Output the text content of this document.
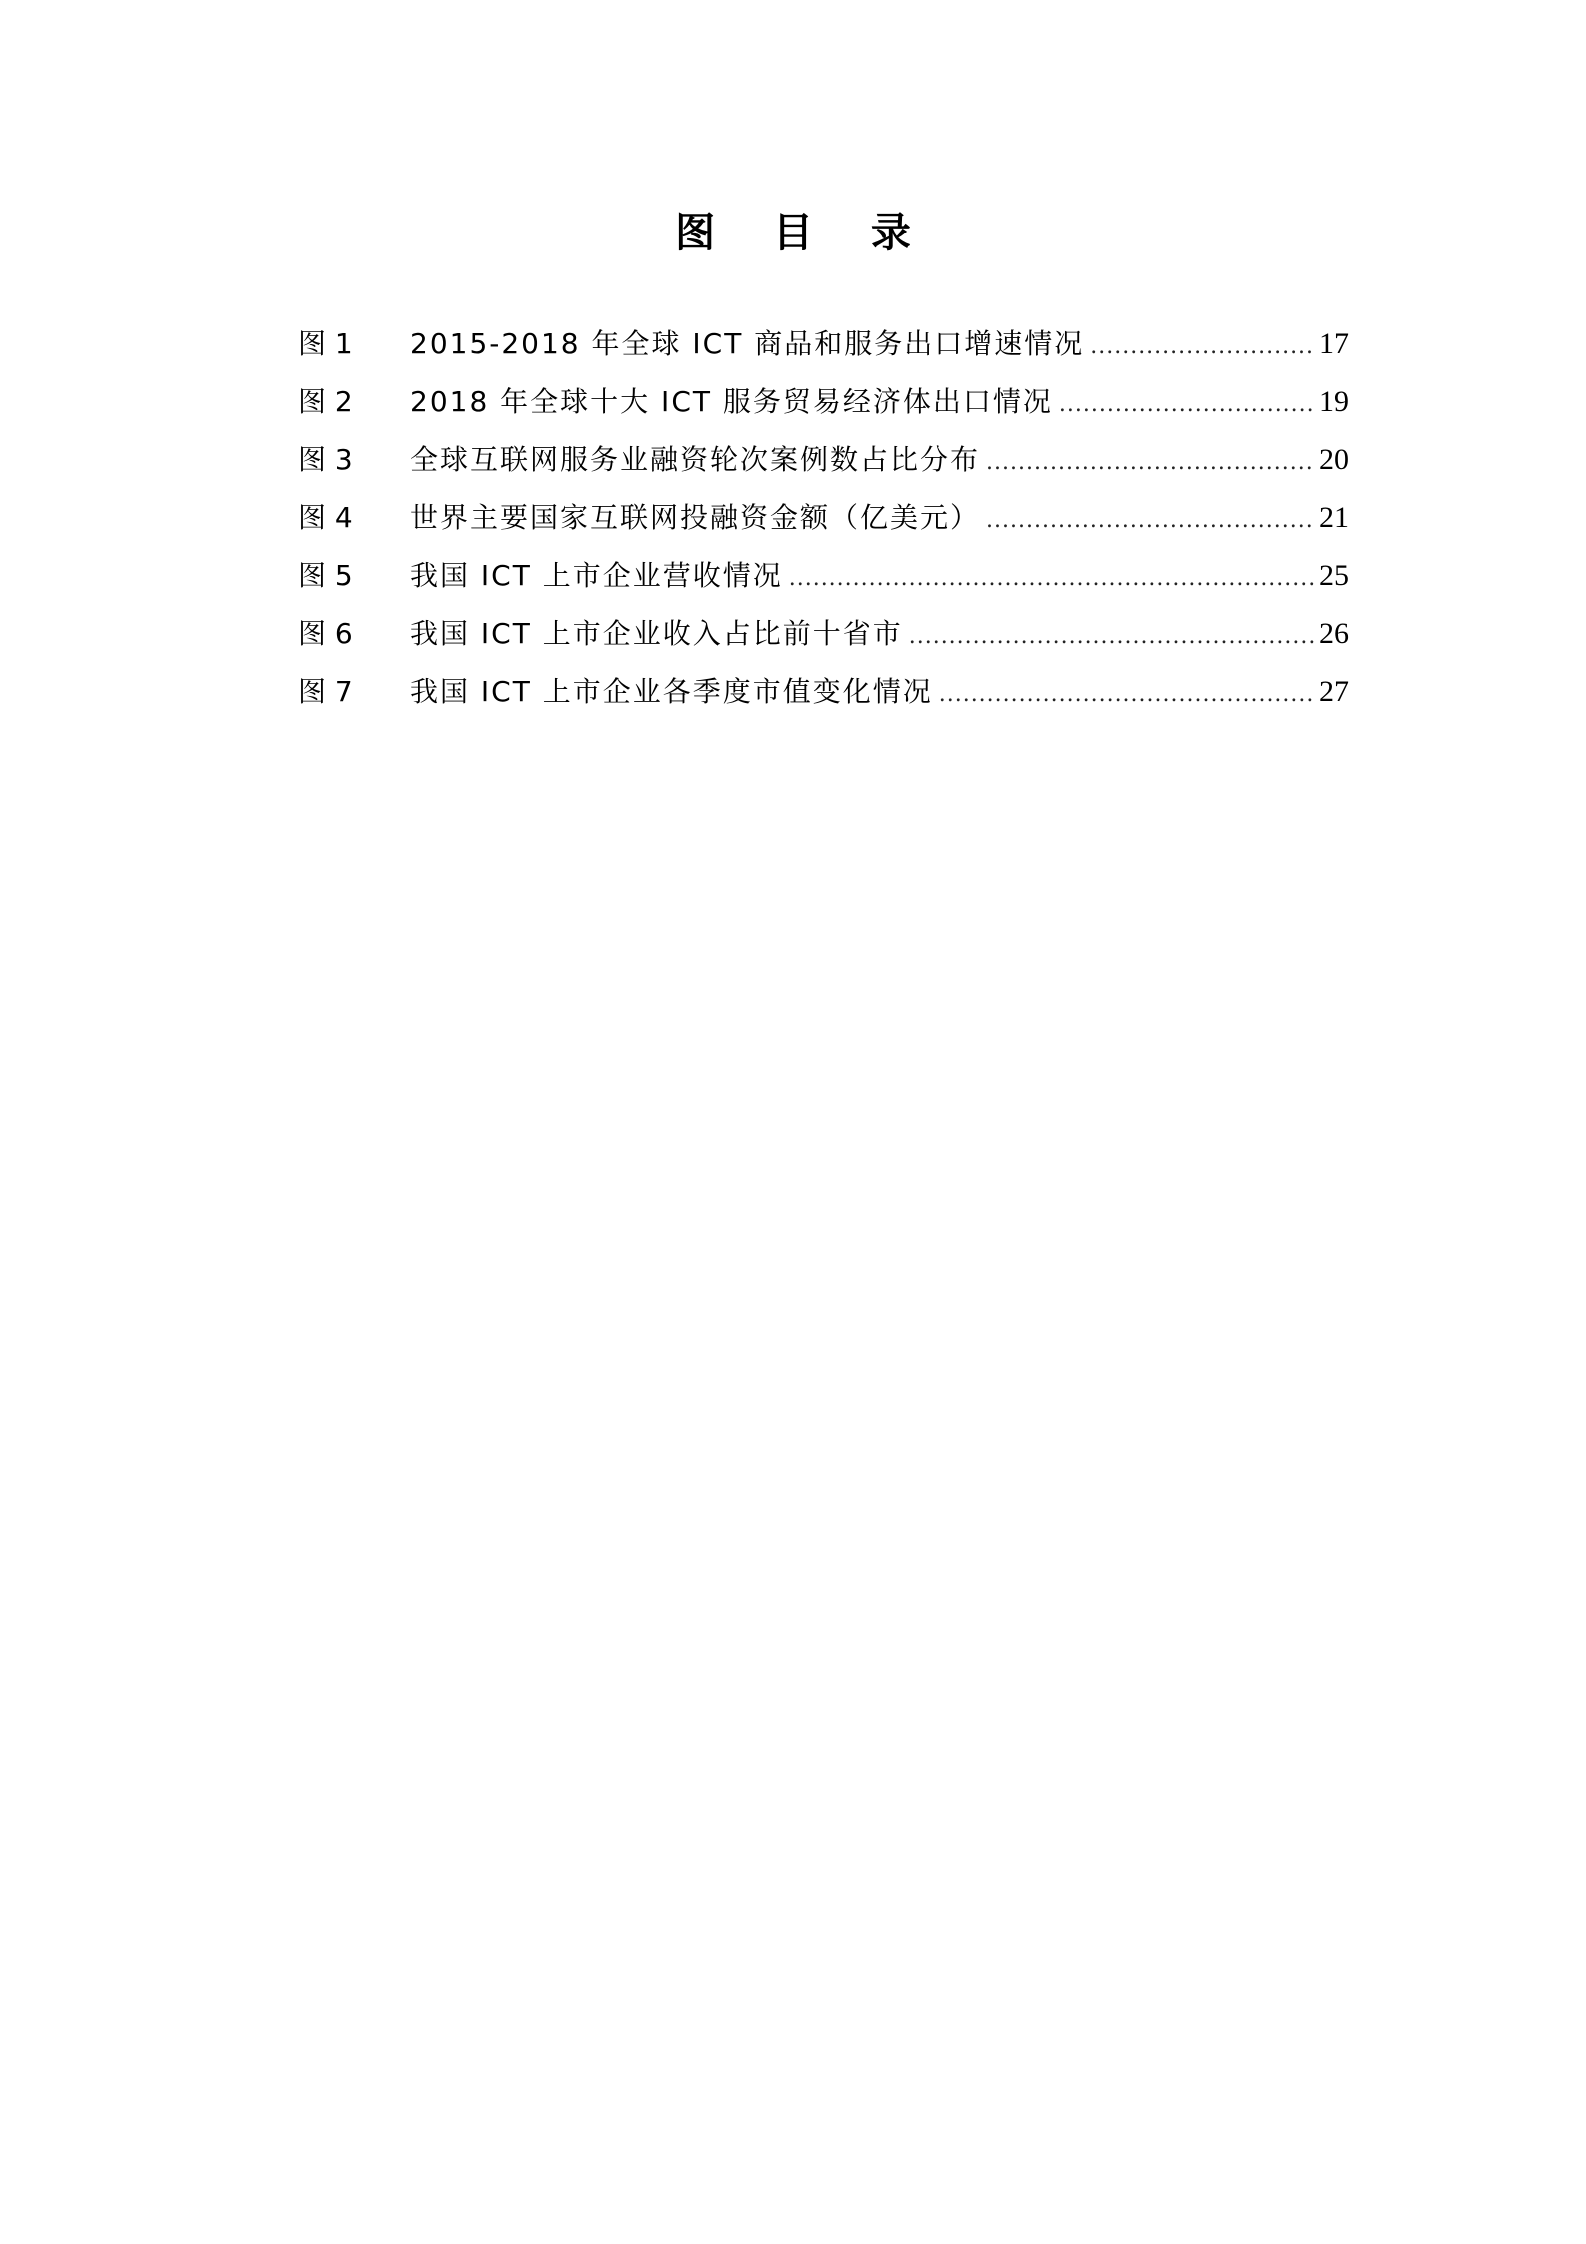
图 目 录
图 1	2015-2018 年全球 ICT 商品和服务出口增速情况 .....	17
图 2	2018 年全球十大 ICT 服务贸易经济体出口情况 .....	19
图 3	全球互联网服务业融资轮次案例数占比分布 .....	20
图 4	世界主要国家互联网投融资金额（亿美元） .....	21
图 5	我国 ICT 上市企业营收情况 .....	25
图 6	我国 ICT 上市企业收入占比前十省市 .....	26
图 7	我国 ICT 上市企业各季度市值变化情况 .....	27
